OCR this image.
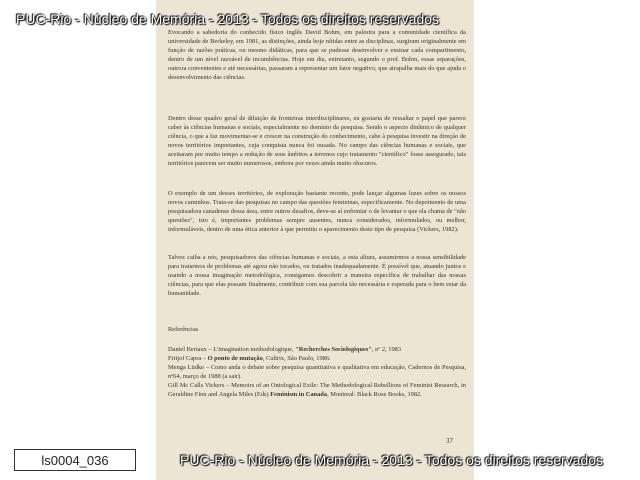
Evocando a sabedoria do conhecido físico inglês David Bohm, em palestra para a comunidade científica da universidade de Berkeley, em 1981, as distinções, ainda hoje nítidas entre as disciplinas, surgiram originalmente em função de razões práticas, ou mesmo didáticas, para que se pudesse desenvolver e ensinar cada compartimento, dentro de um nível razoável de incumbências. Hoje em dia, entretanto, segundo o prof. Bohm, essas separações, outrora convenientes e até necessárias, passaram a representar um fator negativo, que atrapalha mais do que ajuda o desenvolvimento das ciências.
Dentro desse quadro geral de diluição de fronteiras interdisciplinares, eu gostaria de ressaltar o papel que parece caber às ciências humanas e sociais, especialmente no domínio da pesquisa. Sendo o aspecto dinâmico de qualquer ciência, o que a faz movimentar-se e crescer na construção do conhecimento, cabe à pesquisa investir na direção de novos territórios importantes, cuja conquista nunca foi ousada. No campo das ciências humanas e sociais, que aceitaram por muito tempo a redução de seus âmbitos a terrenos cujo tratamento "científico" fosse assegurado, tais territórios parecem ser muito numerosos, embora por vezes ainda muito obscuros.
O exemplo de um desses territórios, de exploração bastante recente, pode lançar algumas luzes sobre os nossos novos caminhos. Trata-se das pesquisas no campo das questões femininas, especificamente. No depoimento de uma pesquisadora canadense dessa área, entre outros desafios, deve-se aí enfrentar o de levantar o que ela chama de "não questões", isto é, importantes problemas sempre ausentes, nunca considerados, informulados, ou melhor, informuláveis, dentro de uma ótica anterior à que permitiu o aparecimento deste tipo de pesquisa (Vickers, 1982).
Talvez caiba a nós, pesquisadores das ciências humanas e sociais, a esta altura, assumirmos a nossa sensibilidade para tratarmos de problemas até agora não tocados, ou tratados inadequadamente. É possível que, atuando juntos e usando a nossa imaginação metodológica, consigamos descobrir a maneira específica de trabalhar das nossas ciências, para que elas possam finalmente, contribuir com sua parcela tão necessária e esperada para o bem estar da humanidade.
Referências
Daniel Bertaux – L'imagination methodologique, "Recherches Sociologiques", nº 2, 1983
Fritjof Capra – O ponto de mutação, Cultrix, São Paulo, 1986.
Menga Lüdke – Como anda o debate sobre pesquisa quantitativa e qualitativa em educação, Cadernos de Pesquisa, nº64, março de 1988 (a sair).
Gill Mc Calls Vickers – Memoirs of an Ontological Exile: The Methodological Rebellions of Feminist Research, in Geraldine Finn and Angela Miles (Eds) Feminism in Canada, Montreal: Black Rose Books, 1982.
37
PUC-Rio - Núcleo de Memória - 2013 - Todos os direitos reservados
PUC-Rio - Núcleo de Memória - 2013 - Todos os direitos reservados
ls0004_036
